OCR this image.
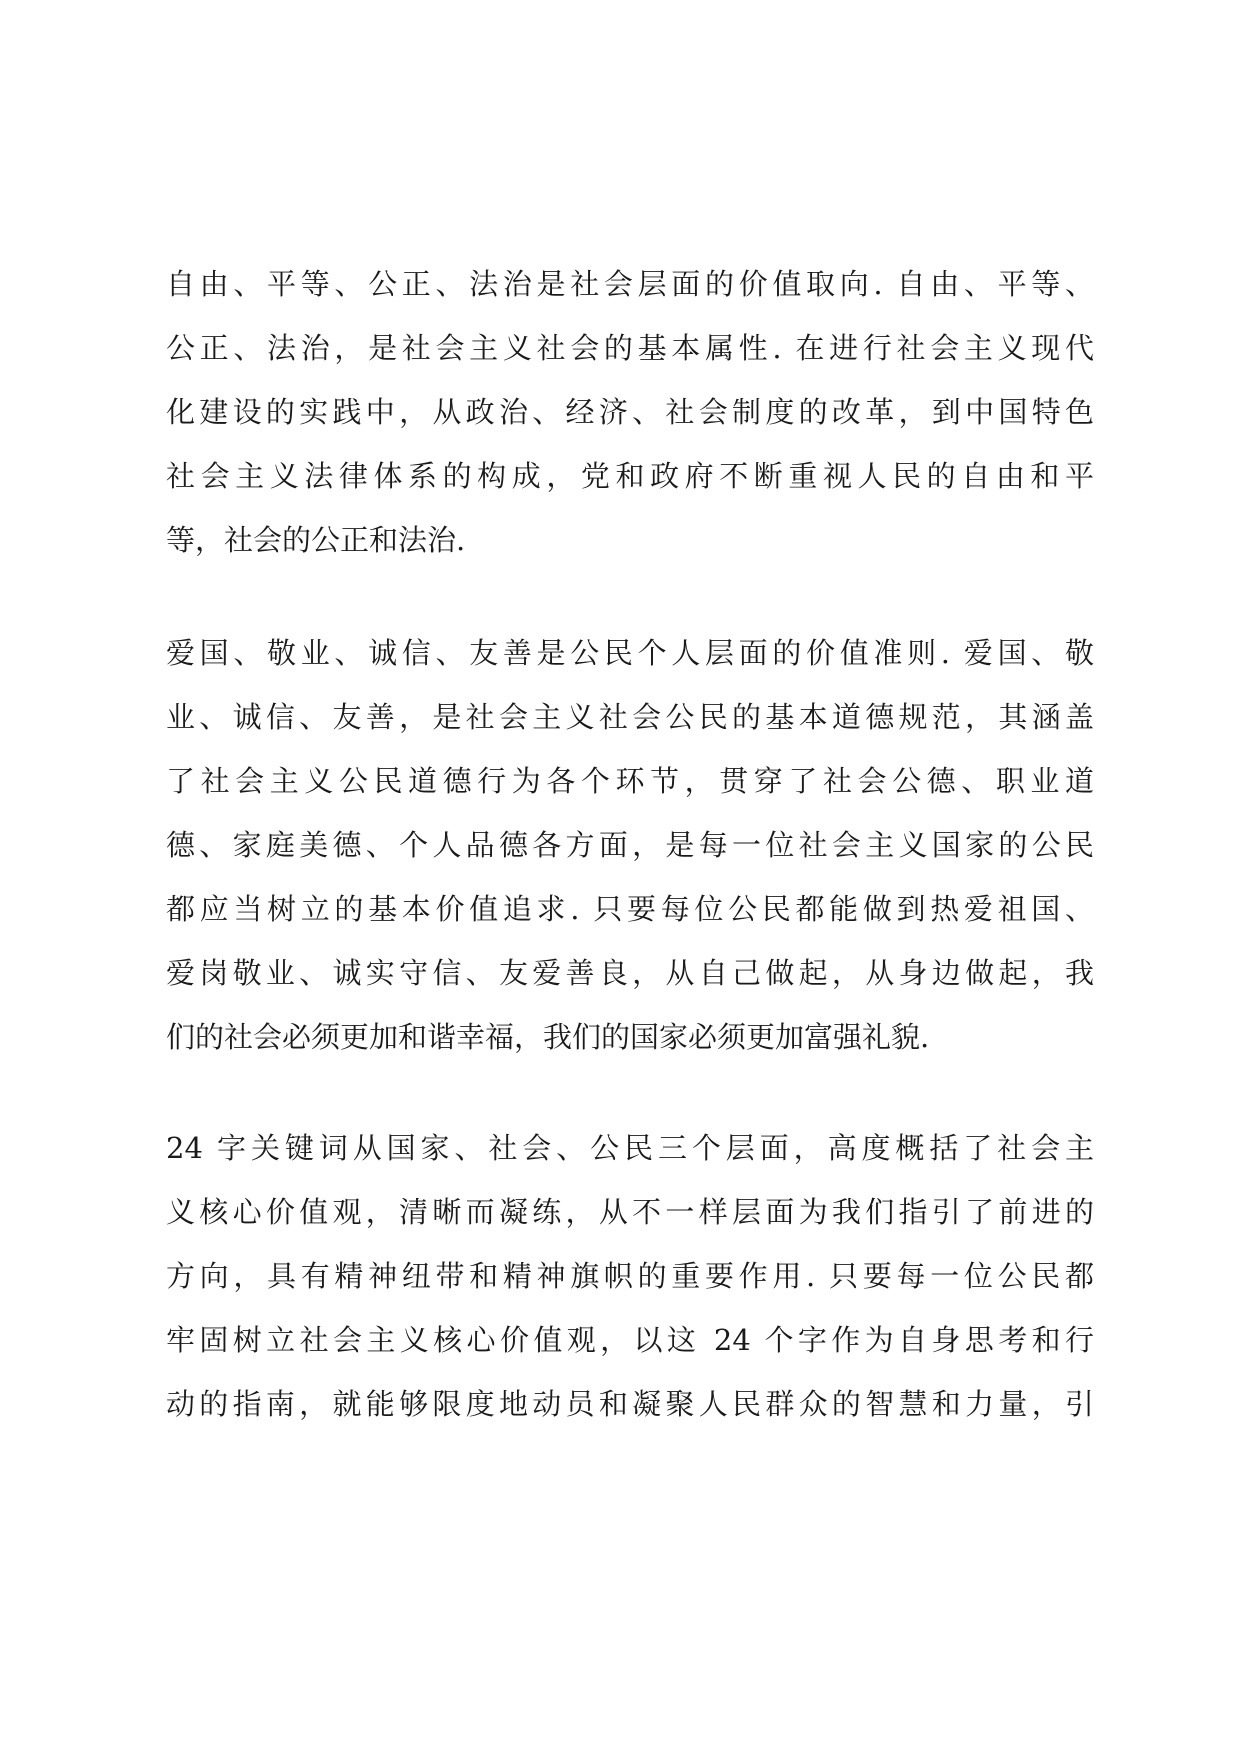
自由、平等、公正、法治是社会层面的价值取向. 自由、平等、
公正、法治，是社会主义社会的基本属性. 在进行社会主义现代
化建设的实践中，从政治、经济、社会制度的改革，到中国特色
社会主义法律体系的构成，党和政府不断重视人民的自由和平
等，社会的公正和法治.
爱国、敬业、诚信、友善是公民个人层面的价值准则. 爱国、敬
业、诚信、友善，是社会主义社会公民的基本道德规范，其涵盖
了社会主义公民道德行为各个环节，贯穿了社会公德、职业道
德、家庭美德、个人品德各方面，是每一位社会主义国家的公民
都应当树立的基本价值追求. 只要每位公民都能做到热爱祖国、
爱岗敬业、诚实守信、友爱善良，从自己做起，从身边做起，我
们的社会必须更加和谐幸福，我们的国家必须更加富强礼貌.
24 字关键词从国家、社会、公民三个层面，高度概括了社会主
义核心价值观，清晰而凝练，从不一样层面为我们指引了前进的
方向，具有精神纽带和精神旗帜的重要作用. 只要每一位公民都
牢固树立社会主义核心价值观，以这 24 个字作为自身思考和行
动的指南，就能够限度地动员和凝聚人民群众的智慧和力量，引
